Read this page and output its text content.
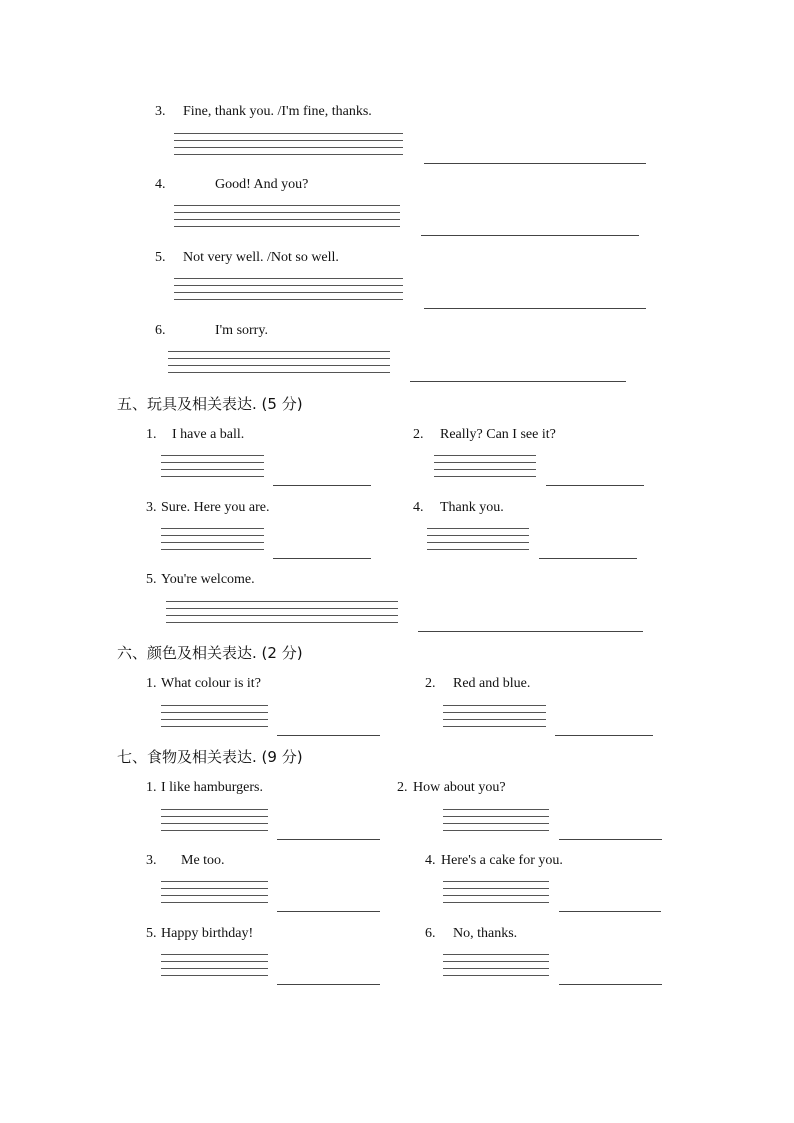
3. Fine, thank you. /I'm fine, thanks.
4.	Good! And you?
5. Not very well. /Not so well.
6.	I'm sorry.
五、玩具及相关表达. (5 分)
1. I have a ball.	2. Really? Can I see it?
3. Sure. Here you are.	4. Thank you.
5. You're welcome.
六、颜色及相关表达. (2 分)
1. What colour is it?	2. Red and blue.
七、食物及相关表达. (9 分)
1. I like hamburgers.	2. How about you?
3. Me too.	4. Here's a cake for you.
5. Happy birthday!	6. No, thanks.
